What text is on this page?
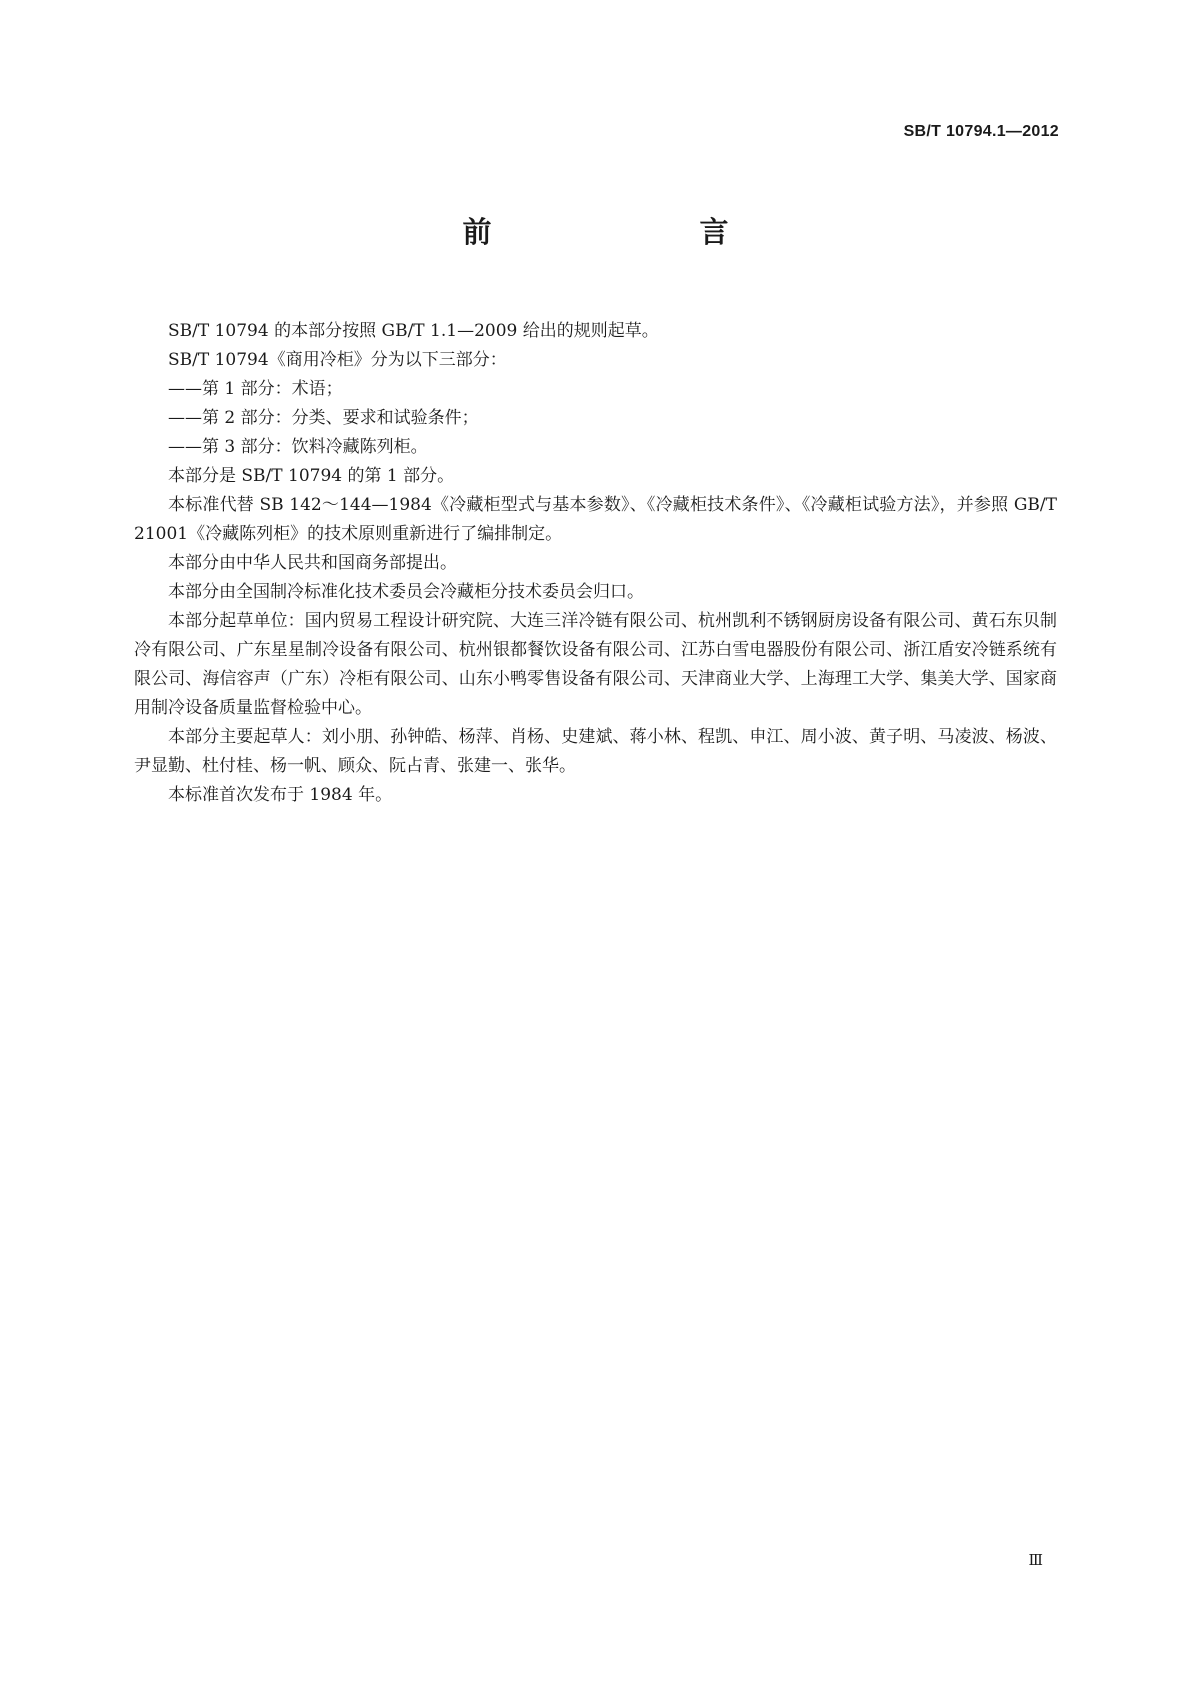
SB/T 10794.1—2012
前　　言

SB/T 10794 的本部分按照 GB/T 1.1—2009 给出的规则起草。

SB/T 10794《商用冷柜》分为以下三部分：

——第 1 部分：术语；

——第 2 部分：分类、要求和试验条件；

——第 3 部分：饮料冷藏陈列柜。

本部分是 SB/T 10794 的第 1 部分。

本标准代替 SB 142～144—1984《冷藏柜型式与基本参数》、《冷藏柜技术条件》、《冷藏柜试验方法》，并参照 GB/T 21001《冷藏陈列柜》的技术原则重新进行了编排制定。

本部分由中华人民共和国商务部提出。

本部分由全国制冷标准化技术委员会冷藏柜分技术委员会归口。

本部分起草单位：国内贸易工程设计研究院、大连三洋冷链有限公司、杭州凯利不锈钢厨房设备有限公司、黄石东贝制冷有限公司、广东星星制冷设备有限公司、杭州银都餐饮设备有限公司、江苏白雪电器股份有限公司、浙江盾安冷链系统有限公司、海信容声（广东）冷柜有限公司、山东小鸭零售设备有限公司、天津商业大学、上海理工大学、集美大学、国家商用制冷设备质量监督检验中心。

本部分主要起草人：刘小朋、孙钟皓、杨萍、肖杨、史建斌、蒋小林、程凯、申江、周小波、黄子明、马凌波、杨波、尹显勤、杜付桂、杨一帆、顾众、阮占青、张建一、张华。

本标准首次发布于 1984 年。

Ⅲ
